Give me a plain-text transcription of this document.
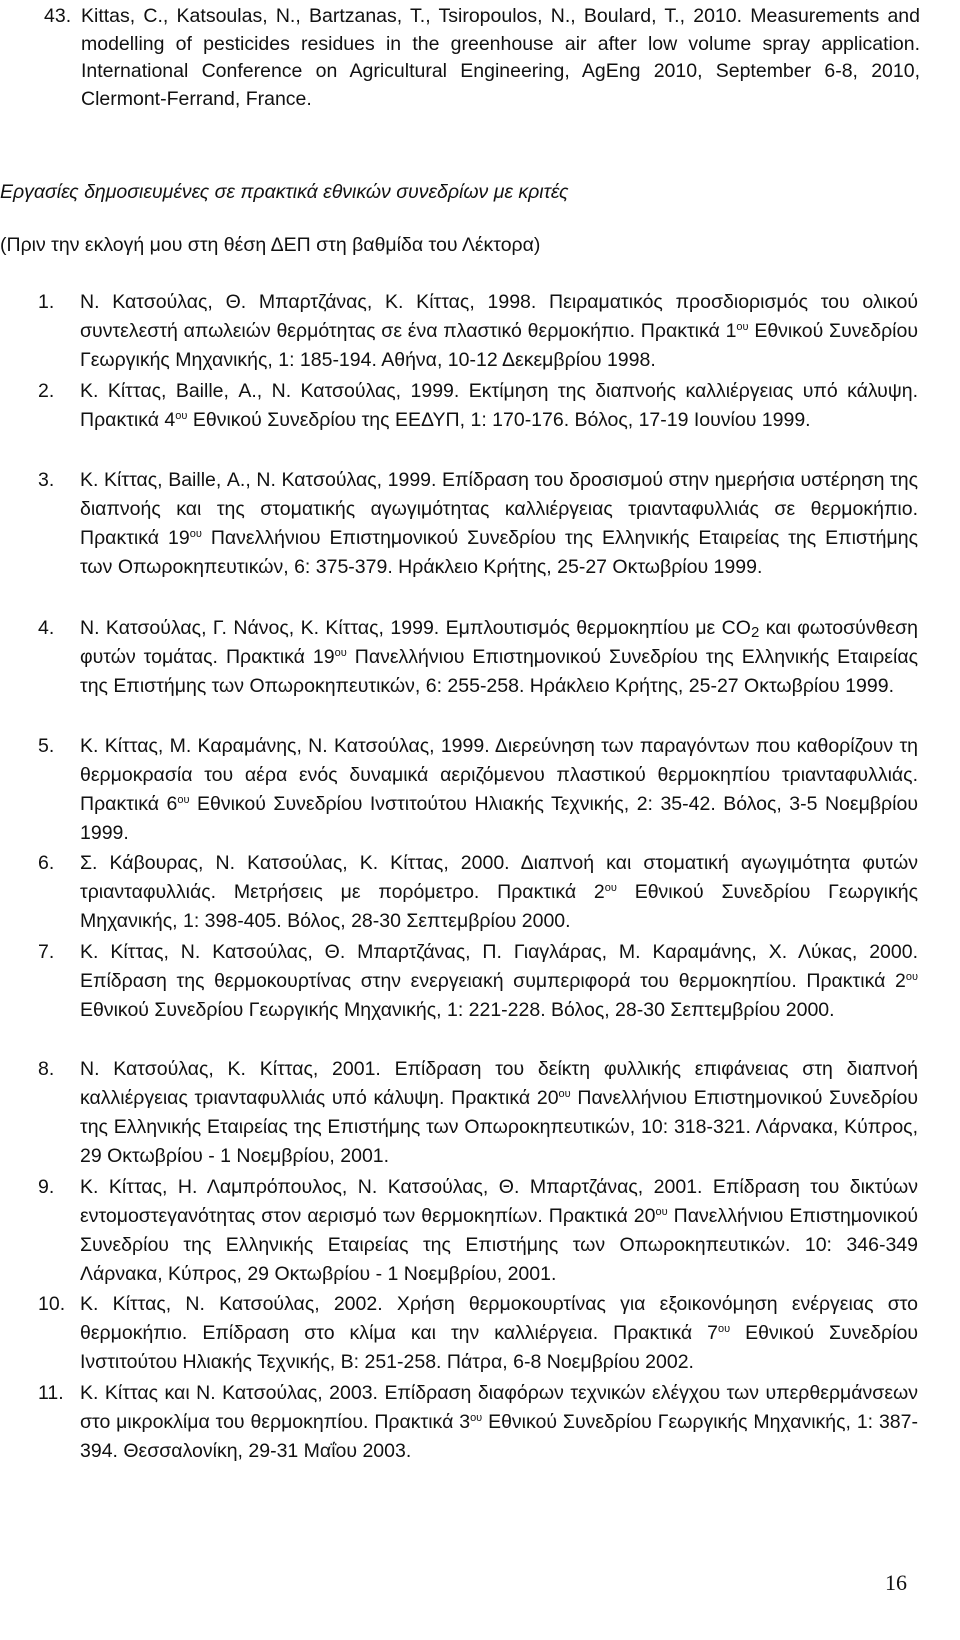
43. Kittas, C., Katsoulas, N., Bartzanas, T., Tsiropoulos, N., Boulard, T., 2010. Measurements and modelling of pesticides residues in the greenhouse air after low volume spray application. International Conference on Agricultural Engineering, AgEng 2010, September 6-8, 2010, Clermont-Ferrand, France.
Εργασίες δημοσιευμένες σε πρακτικά εθνικών συνεδρίων με κριτές
(Πριν την εκλογή μου στη θέση ΔΕΠ στη βαθμίδα του Λέκτορα)
1. Ν. Κατσούλας, Θ. Μπαρτζάνας, Κ. Κίττας, 1998. Πειραματικός προσδιορισμός του ολικού συντελεστή απωλειών θερμότητας σε ένα πλαστικό θερμοκήπιο. Πρακτικά $1^{o\upsilon}$ Εθνικού Συνεδρίου Γεωργικής Μηχανικής, 1: 185-194. Αθήνα, 10-12 Δεκεμβρίου 1998.
2. Κ. Κίττας, Baille, Α., Ν. Κατσούλας, 1999. Εκτίμηση της διαπνοής καλλιέργειας υπό κάλυψη. Πρακτικά $4^{o\upsilon}$ Εθνικού Συνεδρίου της ΕΕΔΥΠ, 1: 170-176. Βόλος, 17-19 Ιουνίου 1999.
3. Κ. Κίττας, Baille, Α., Ν. Κατσούλας, 1999. Επίδραση του δροσισμού στην ημερήσια υστέρηση της διαπνοής και της στοματικής αγωγιμότητας καλλιέργειας τριανταφυλλιάς σε θερμοκήπιο. Πρακτικά $19^{o\upsilon}$ Πανελλήνιου Επιστημονικού Συνεδρίου της Ελληνικής Εταιρείας της Επιστήμης των Οπωροκηπευτικών, 6: 375-379. Ηράκλειο Κρήτης, 25-27 Οκτωβρίου 1999.
4. Ν. Κατσούλας, Γ. Νάνος, Κ. Κίττας, 1999. Εμπλουτισμός θερμοκηπίου με $CO_2$ και φωτοσύνθεση φυτών τομάτας. Πρακτικά $19^{o\upsilon}$ Πανελλήνιου Επιστημονικού Συνεδρίου της Ελληνικής Εταιρείας της Επιστήμης των Οπωροκηπευτικών, 6: 255-258. Ηράκλειο Κρήτης, 25-27 Οκτωβρίου 1999.
5. Κ. Κίττας, Μ. Καραμάνης, Ν. Κατσούλας, 1999. Διερεύνηση των παραγόντων που καθορίζουν τη θερμοκρασία του αέρα ενός δυναμικά αεριζόμενου πλαστικού θερμοκηπίου τριανταφυλλιάς. Πρακτικά $6^{o\upsilon}$ Εθνικού Συνεδρίου Ινστιτούτου Ηλιακής Τεχνικής, 2: 35-42. Βόλος, 3-5 Νοεμβρίου 1999.
6. Σ. Κάβουρας, Ν. Κατσούλας, Κ. Κίττας, 2000. Διαπνοή και στοματική αγωγιμότητα φυτών τριανταφυλλιάς. Μετρήσεις με πορόμετρο. Πρακτικά $2^{o\upsilon}$ Εθνικού Συνεδρίου Γεωργικής Μηχανικής, 1: 398-405. Βόλος, 28-30 Σεπτεμβρίου 2000.
7. Κ. Κίττας, Ν. Κατσούλας, Θ. Μπαρτζάνας, Π. Γιαγλάρας, Μ. Καραμάνης, Χ. Λύκας, 2000. Επίδραση της θερμοκουρτίνας στην ενεργειακή συμπεριφορά του θερμοκηπίου. Πρακτικά $2^{o\upsilon}$ Εθνικού Συνεδρίου Γεωργικής Μηχανικής, 1: 221-228. Βόλος, 28-30 Σεπτεμβρίου 2000.
8. Ν. Κατσούλας, Κ. Κίττας, 2001. Επίδραση του δείκτη φυλλικής επιφάνειας στη διαπνοή καλλιέργειας τριανταφυλλιάς υπό κάλυψη. Πρακτικά $20^{o\upsilon}$ Πανελλήνιου Επιστημονικού Συνεδρίου της Ελληνικής Εταιρείας της Επιστήμης των Οπωροκηπευτικών, 10: 318-321. Λάρνακα, Κύπρος, 29 Οκτωβρίου - 1 Νοεμβρίου, 2001.
9. Κ. Κίττας, Η. Λαμπρόπουλος, Ν. Κατσούλας, Θ. Μπαρτζάνας, 2001. Επίδραση του δικτύων εντομοστεγανότητας στον αερισμό των θερμοκηπίων. Πρακτικά $20^{o\upsilon}$ Πανελλήνιου Επιστημονικού Συνεδρίου της Ελληνικής Εταιρείας της Επιστήμης των Οπωροκηπευτικών. 10: 346-349 Λάρνακα, Κύπρος, 29 Οκτωβρίου - 1 Νοεμβρίου, 2001.
10. Κ. Κίττας, Ν. Κατσούλας, 2002. Χρήση θερμοκουρτίνας για εξοικονόμηση ενέργειας στο θερμοκήπιο. Επίδραση στο κλίμα και την καλλιέργεια. Πρακτικά $7^{o\upsilon}$ Εθνικού Συνεδρίου Ινστιτούτου Ηλιακής Τεχνικής, Β: 251-258. Πάτρα, 6-8 Νοεμβρίου 2002.
11. Κ. Κίττας και Ν. Κατσούλας, 2003. Επίδραση διαφόρων τεχνικών ελέγχου των υπερθερμάνσεων στο μικροκλίμα του θερμοκηπίου. Πρακτικά $3^{o\upsilon}$ Εθνικού Συνεδρίου Γεωργικής Μηχανικής, 1: 387-394. Θεσσαλονίκη, 29-31 Μαΐου 2003.
16
